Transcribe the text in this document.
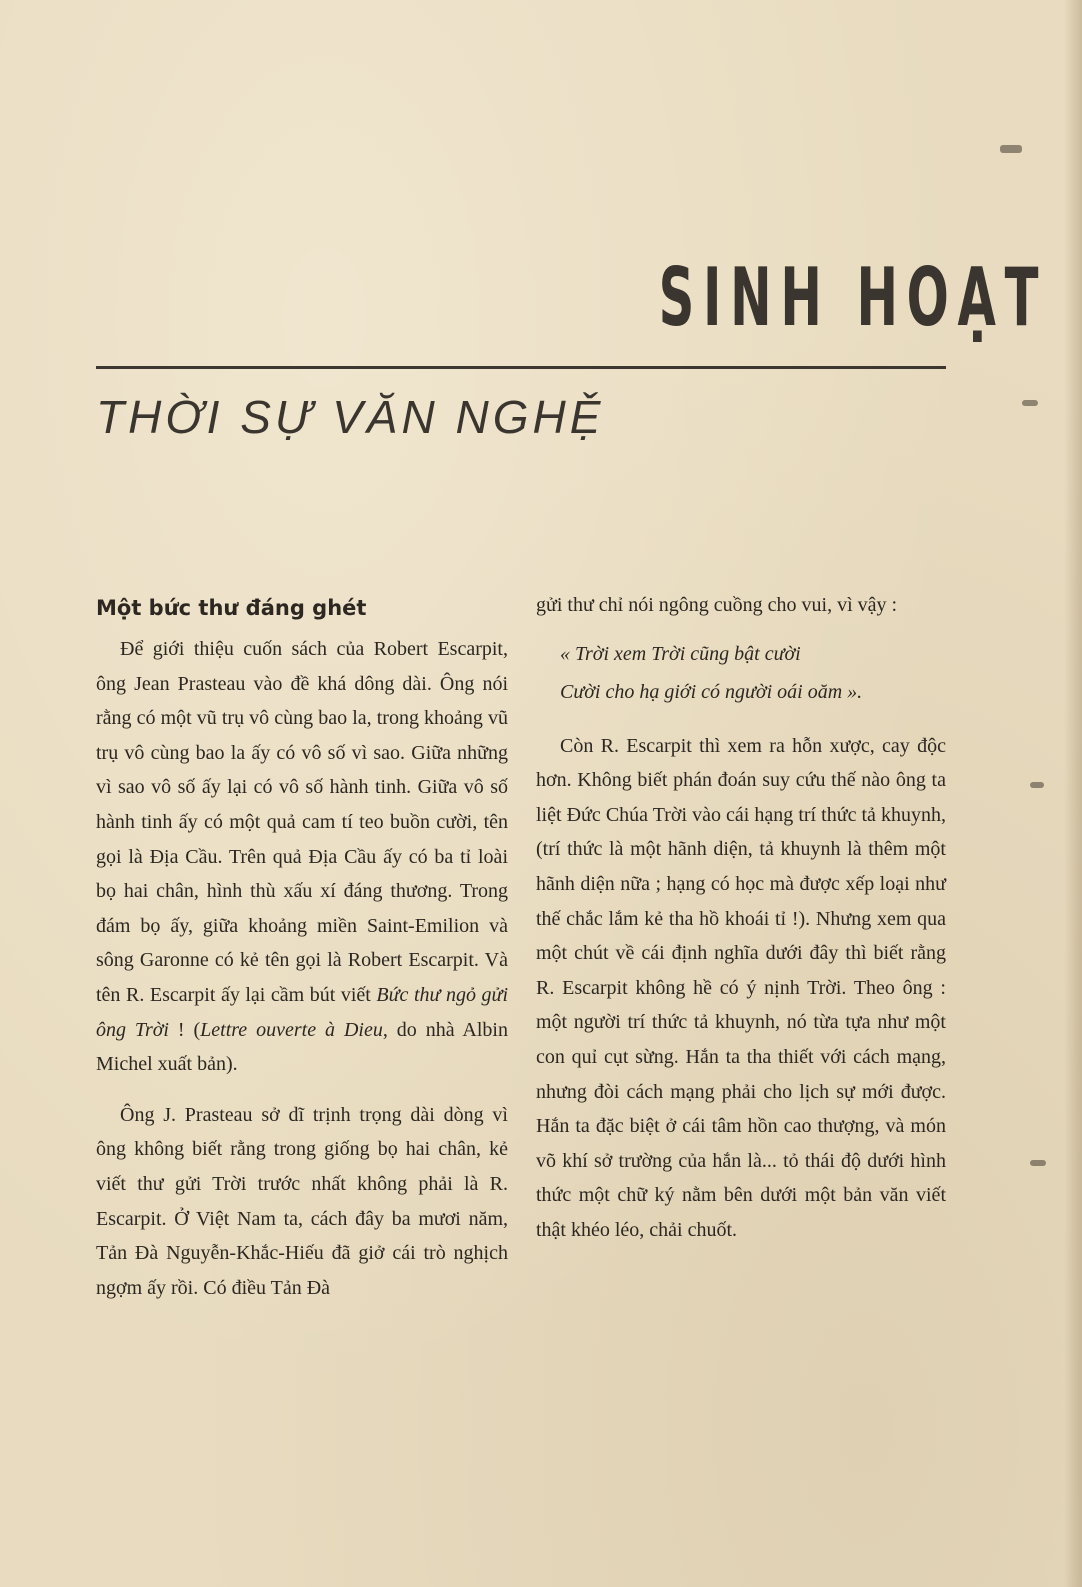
SINH HOẠT
THỜI SỰ VĂN NGHỆ
Một bức thư đáng ghét

Để giới thiệu cuốn sách của Robert Escarpit, ông Jean Prasteau vào đề khá dông dài. Ông nói rằng có một vũ trụ vô cùng bao la, trong khoảng vũ trụ vô cùng bao la ấy có vô số vì sao. Giữa những vì sao vô số ấy lại có vô số hành tinh. Giữa vô số hành tinh ấy có một quả cam tí teo buồn cười, tên gọi là Địa Cầu. Trên quả Địa Cầu ấy có ba tỉ loài bọ hai chân, hình thù xấu xí đáng thương. Trong đám bọ ấy, giữa khoảng miền Saint-Emilion và sông Garonne có kẻ tên gọi là Robert Escarpit. Và tên R. Escarpit ấy lại cầm bút viết Bức thư ngỏ gửi ông Trời ! (Lettre ouverte à Dieu, do nhà Albin Michel xuất bản).

Ông J. Prasteau sở dĩ trịnh trọng dài dòng vì ông không biết rằng trong giống bọ hai chân, kẻ viết thư gửi Trời trước nhất không phải là R. Escarpit. Ở Việt Nam ta, cách đây ba mươi năm, Tản Đà Nguyễn-Khắc-Hiếu đã giở cái trò nghịch ngợm ấy rồi. Có điều Tản Đà

gửi thư chỉ nói ngông cuồng cho vui, vì vậy :

« Trời xem Trời cũng bật cười
Cười cho hạ giới có người oái oăm ».

Còn R. Escarpit thì xem ra hỗn xược, cay độc hơn. Không biết phán đoán suy cứu thế nào ông ta liệt Đức Chúa Trời vào cái hạng trí thức tả khuynh, (trí thức là một hãnh diện, tả khuynh là thêm một hãnh diện nữa ; hạng có học mà được xếp loại như thế chắc lắm kẻ tha hồ khoái tỉ !). Nhưng xem qua một chút về cái định nghĩa dưới đây thì biết rằng R. Escarpit không hề có ý nịnh Trời. Theo ông : một người trí thức tả khuynh, nó từa tựa như một con quỉ cụt sừng. Hắn ta tha thiết với cách mạng, nhưng đòi cách mạng phải cho lịch sự mới được. Hắn ta đặc biệt ở cái tâm hồn cao thượng, và món võ khí sở trường của hắn là... tỏ thái độ dưới hình thức một chữ ký nằm bên dưới một bản văn viết thật khéo léo, chải chuốt.
